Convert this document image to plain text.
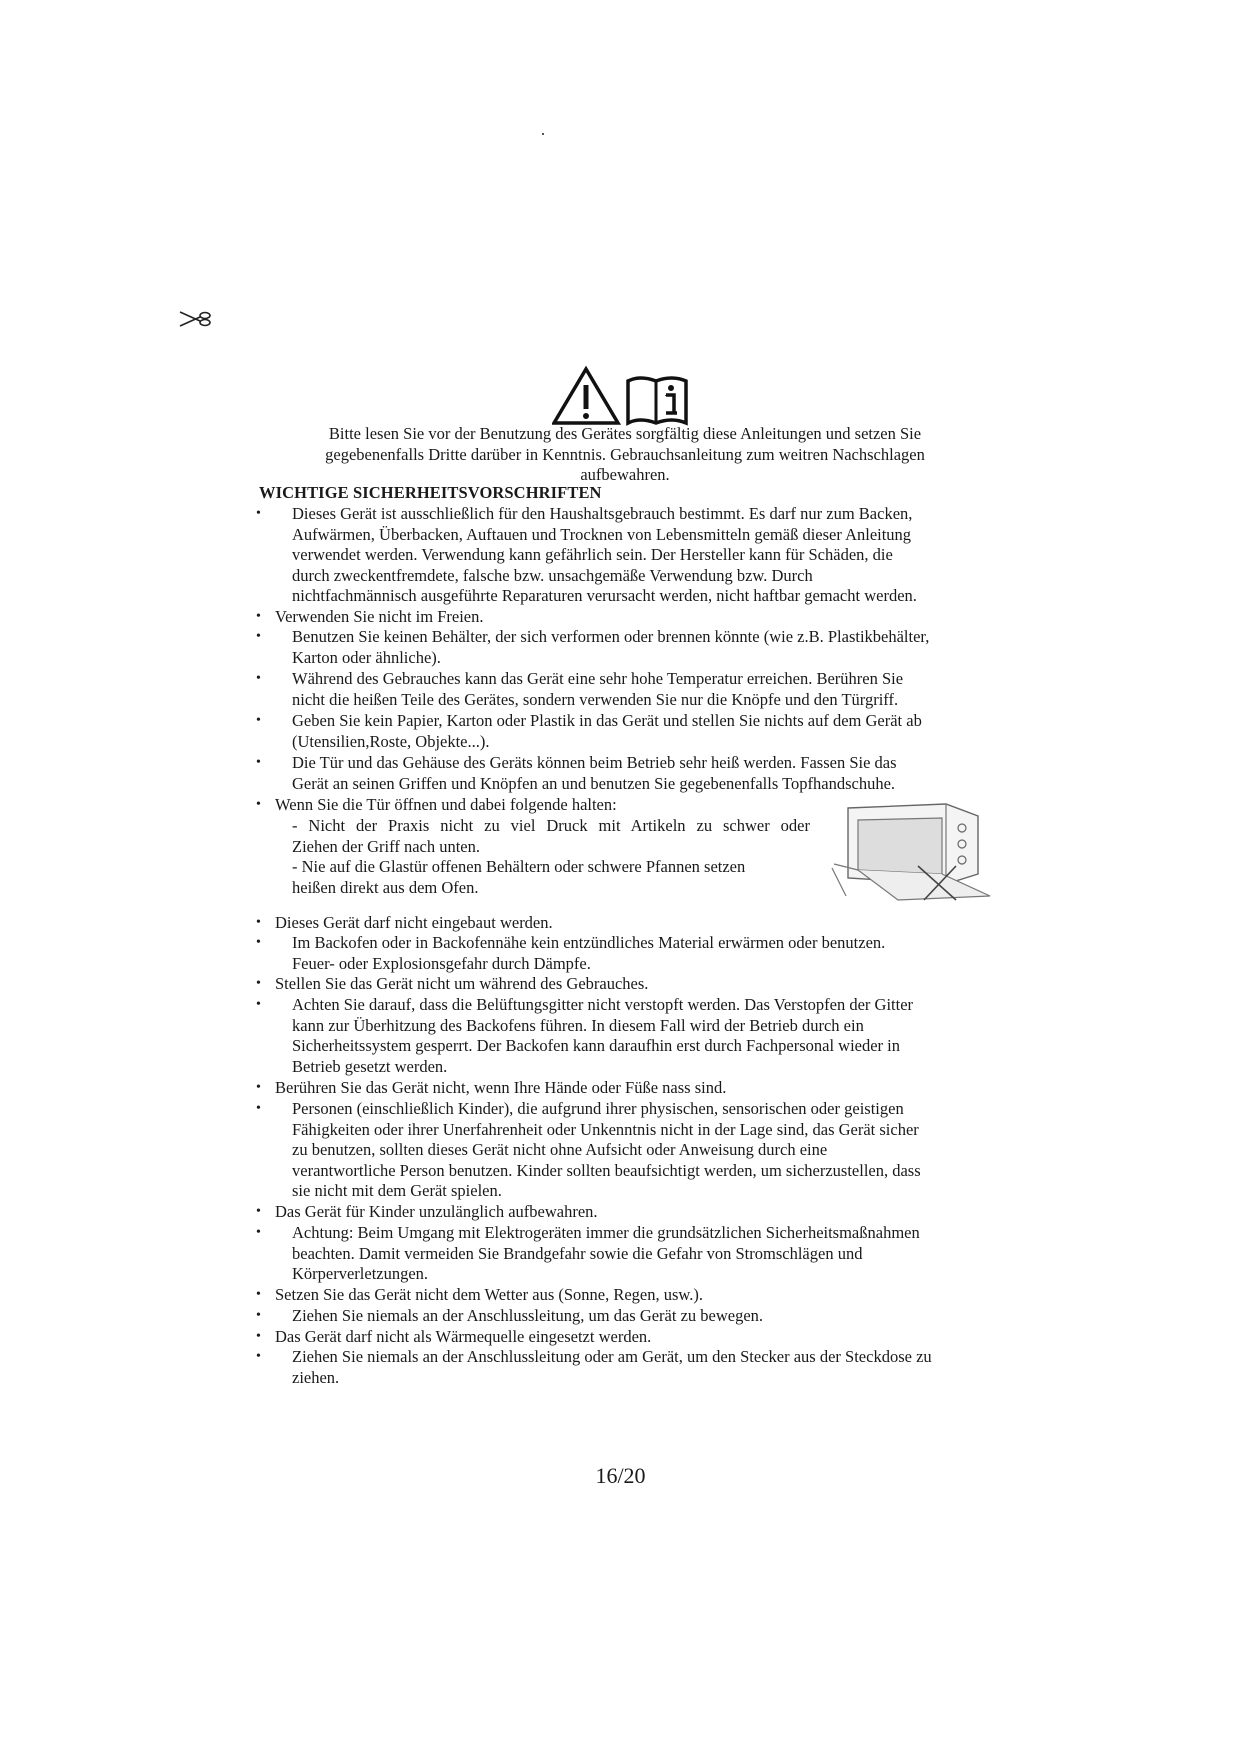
Bitte lesen Sie vor der Benutzung des Gerätes sorgfältig diese Anleitungen und setzen Sie
gegebenenfalls Dritte darüber in Kenntnis. Gebrauchsanleitung zum weitren Nachschlagen
aufbewahren.
WICHTIGE SICHERHEITSVORSCHRIFTEN
• Dieses Gerät ist ausschließlich für den Haushaltsgebrauch bestimmt. Es darf nur zum Backen,
Aufwärmen, Überbacken, Auftauen und Trocknen von Lebensmitteln gemäß dieser Anleitung
verwendet werden. Verwendung kann gefährlich sein. Der Hersteller kann für Schäden, die
durch zweckentfremdete, falsche bzw. unsachgemäße Verwendung bzw. Durch
nichtfachmännisch ausgeführte Reparaturen verursacht werden, nicht haftbar gemacht werden.
• Verwenden Sie nicht im Freien.
• Benutzen Sie keinen Behälter, der sich verformen oder brennen könnte (wie z.B. Plastikbehälter,
Karton oder ähnliche).
• Während des Gebrauches kann das Gerät eine sehr hohe Temperatur erreichen. Berühren Sie
nicht die heißen Teile des Gerätes, sondern verwenden Sie nur die Knöpfe und den Türgriff.
• Geben Sie kein Papier, Karton oder Plastik in das Gerät und stellen Sie nichts auf dem Gerät ab
(Utensilien,Roste, Objekte...).
• Die Tür und das Gehäuse des Geräts können beim Betrieb sehr heiß werden. Fassen Sie das
Gerät an seinen Griffen und Knöpfen an und benutzen Sie gegebenenfalls Topfhandschuhe.
• Wenn Sie die Tür öffnen und dabei folgende halten:
• Dieses Gerät darf nicht eingebaut werden.
• Im Backofen oder in Backofennähe kein entzündliches Material erwärmen oder benutzen.
Feuer- oder Explosionsgefahr durch Dämpfe.
• Stellen Sie das Gerät nicht um während des Gebrauches.
• Achten Sie darauf, dass die Belüftungsgitter nicht verstopft werden. Das Verstopfen der Gitter
kann zur Überhitzung des Backofens führen. In diesem Fall wird der Betrieb durch ein
Sicherheitssystem gesperrt. Der Backofen kann daraufhin erst durch Fachpersonal wieder in
Betrieb gesetzt werden.
• Berühren Sie das Gerät nicht, wenn Ihre Hände oder Füße nass sind.
• Personen (einschließlich Kinder), die aufgrund ihrer physischen, sensorischen oder geistigen
Fähigkeiten oder ihrer Unerfahrenheit oder Unkenntnis nicht in der Lage sind, das Gerät sicher
zu benutzen, sollten dieses Gerät nicht ohne Aufsicht oder Anweisung durch eine
verantwortliche Person benutzen. Kinder sollten beaufsichtigt werden, um sicherzustellen, dass
sie nicht mit dem Gerät spielen.
• Das Gerät für Kinder unzulänglich aufbewahren.
• Achtung: Beim Umgang mit Elektrogeräten immer die grundsätzlichen Sicherheitsmaßnahmen
beachten. Damit vermeiden Sie Brandgefahr sowie die Gefahr von Stromschlägen und
Körperverletzungen.
• Setzen Sie das Gerät nicht dem Wetter aus (Sonne, Regen, usw.).
• Ziehen Sie niemals an der Anschlussleitung, um das Gerät zu bewegen.
• Das Gerät darf nicht als Wärmequelle eingesetzt werden.
• Ziehen Sie niemals an der Anschlussleitung oder am Gerät, um den Stecker aus der Steckdose zu
ziehen.
- Nicht der Praxis nicht zu viel Druck mit Artikeln zu schwer oder
Ziehen der Griff nach unten.
- Nie auf die Glastür offenen Behältern oder schwere Pfannen setzen
heißen direkt aus dem Ofen.
16/20
